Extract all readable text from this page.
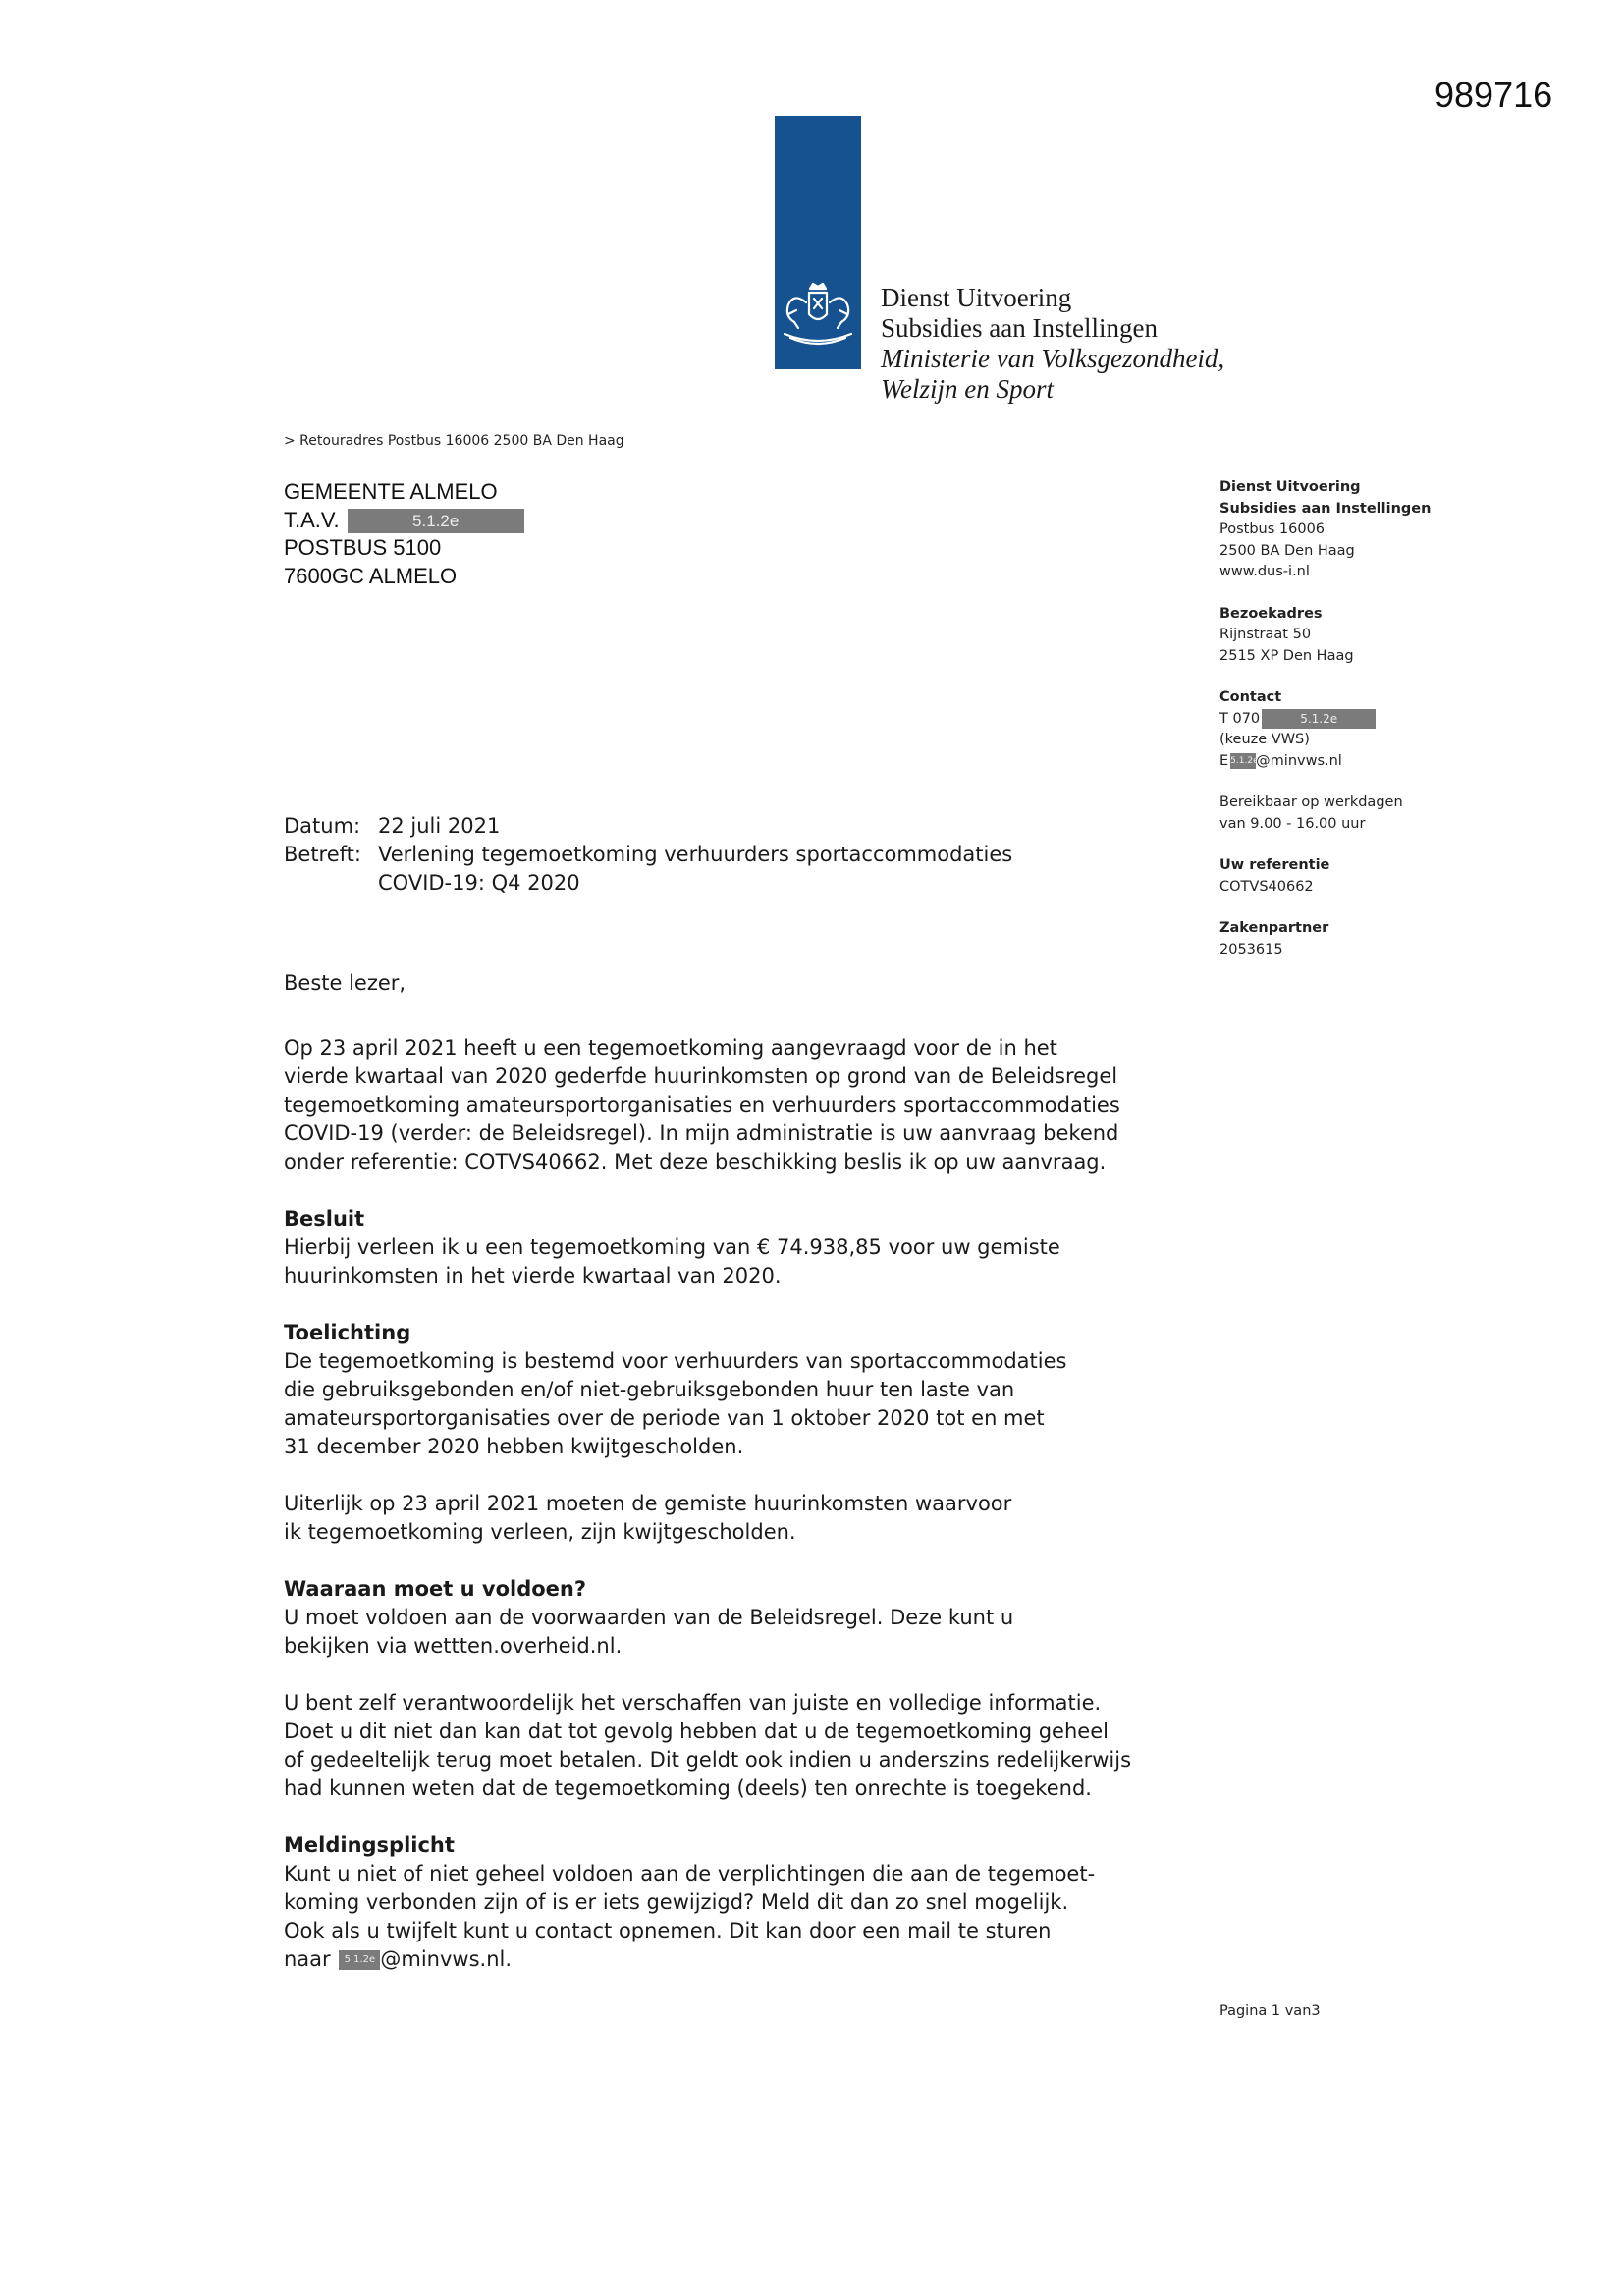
989716
Dienst Uitvoering
Subsidies aan Instellingen
Ministerie van Volksgezondheid,
Welzijn en Sport
> Retouradres Postbus 16006 2500 BA Den Haag
GEMEENTE ALMELO
T.A.V.	5.1.2e
POSTBUS 5100
7600GC ALMELO
Dienst Uitvoering
Subsidies aan Instellingen
Postbus 16006
2500 BA Den Haag
www.dus-i.nl
Bezoekadres
Rijnstraat 50
2515 XP Den Haag
Contact
T 070	5.1.2e
(keuze VWS)
E 5.1.2e@minvws.nl
Bereikbaar op werkdagen
van 9.00 - 16.00 uur
Uw referentie
COTVS40662
Zakenpartner
2053615
Datum: 22 juli 2021
Betreft: Verlening tegemoetkoming verhuurders sportaccommodaties
COVID-19: Q4 2020

Beste lezer,

Op 23 april 2021 heeft u een tegemoetkoming aangevraagd voor de in het

vierde kwartaal van 2020 gederfde huurinkomsten op grond van de Beleidsregel

tegemoetkoming amateursportorganisaties en verhuurders sportaccommodaties

COVID-19 (verder: de Beleidsregel). In mijn administratie is uw aanvraag bekend

onder referentie: COTVS40662. Met deze beschikking beslis ik op uw aanvraag.

Besluit

Hierbij verleen ik u een tegemoetkoming van € 74.938,85 voor uw gemiste

huurinkomsten in het vierde kwartaal van 2020.

Toelichting

De tegemoetkoming is bestemd voor verhuurders van sportaccommodaties

die gebruiksgebonden en/of niet-gebruiksgebonden huur ten laste van

amateursportorganisaties over de periode van 1 oktober 2020 tot en met

31 december 2020 hebben kwijtgescholden.

Uiterlijk op 23 april 2021 moeten de gemiste huurinkomsten waarvoor

ik tegemoetkoming verleen, zijn kwijtgescholden.

Waaraan moet u voldoen?

U moet voldoen aan de voorwaarden van de Beleidsregel. Deze kunt u

bekijken via wettten.overheid.nl.

U bent zelf verantwoordelijk het verschaffen van juiste en volledige informatie.

Doet u dit niet dan kan dat tot gevolg hebben dat u de tegemoetkoming geheel

of gedeeltelijk terug moet betalen. Dit geldt ook indien u anderszins redelijkerwijs

had kunnen weten dat de tegemoetkoming (deels) ten onrechte is toegekend.

Meldingsplicht

Kunt u niet of niet geheel voldoen aan de verplichtingen die aan de tegemoet-

koming verbonden zijn of is er iets gewijzigd? Meld dit dan zo snel mogelijk.

Ook als u twijfelt kunt u contact opnemen. Dit kan door een mail te sturen

naar 5.1.2e @minvws.nl.

Pagina 1 van3
